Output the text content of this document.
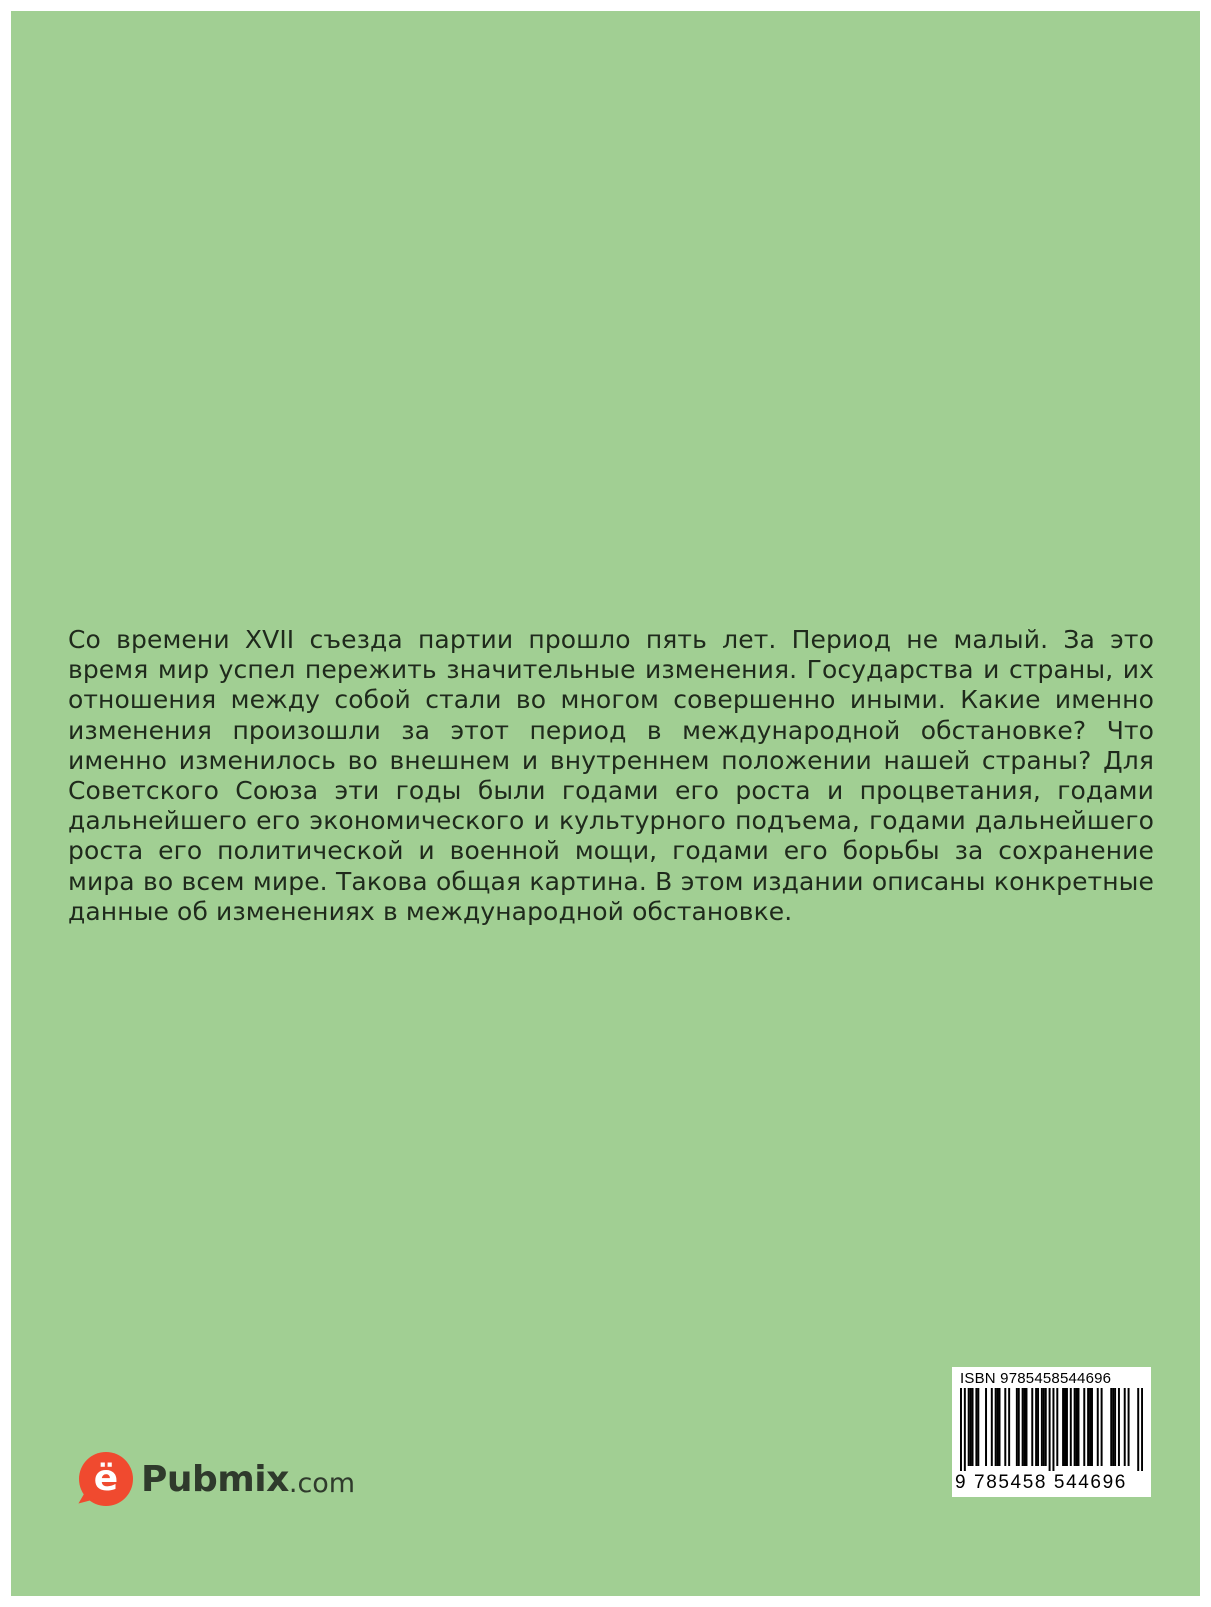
Со времени XVII съезда партии прошло пять лет. Период не малый. За это время мир успел пережить значительные изменения. Государства и страны, их отношения между собой стали во многом совершенно иными. Какие именно изменения произошли за этот период в международной обстановке? Что именно изменилось во внешнем и внутреннем положении нашей страны? Для Советского Союза эти годы были годами его роста и процветания, годами дальнейшего его экономического и культурного подъема, годами дальнейшего роста его политической и военной мощи, годами его борьбы за сохранение мира во всем мире. Такова общая картина. В этом издании описаны конкретные данные об изменениях в международной обстановке.

ё Pubmix .com
ISBN 9785458544696
9 785458 544696
